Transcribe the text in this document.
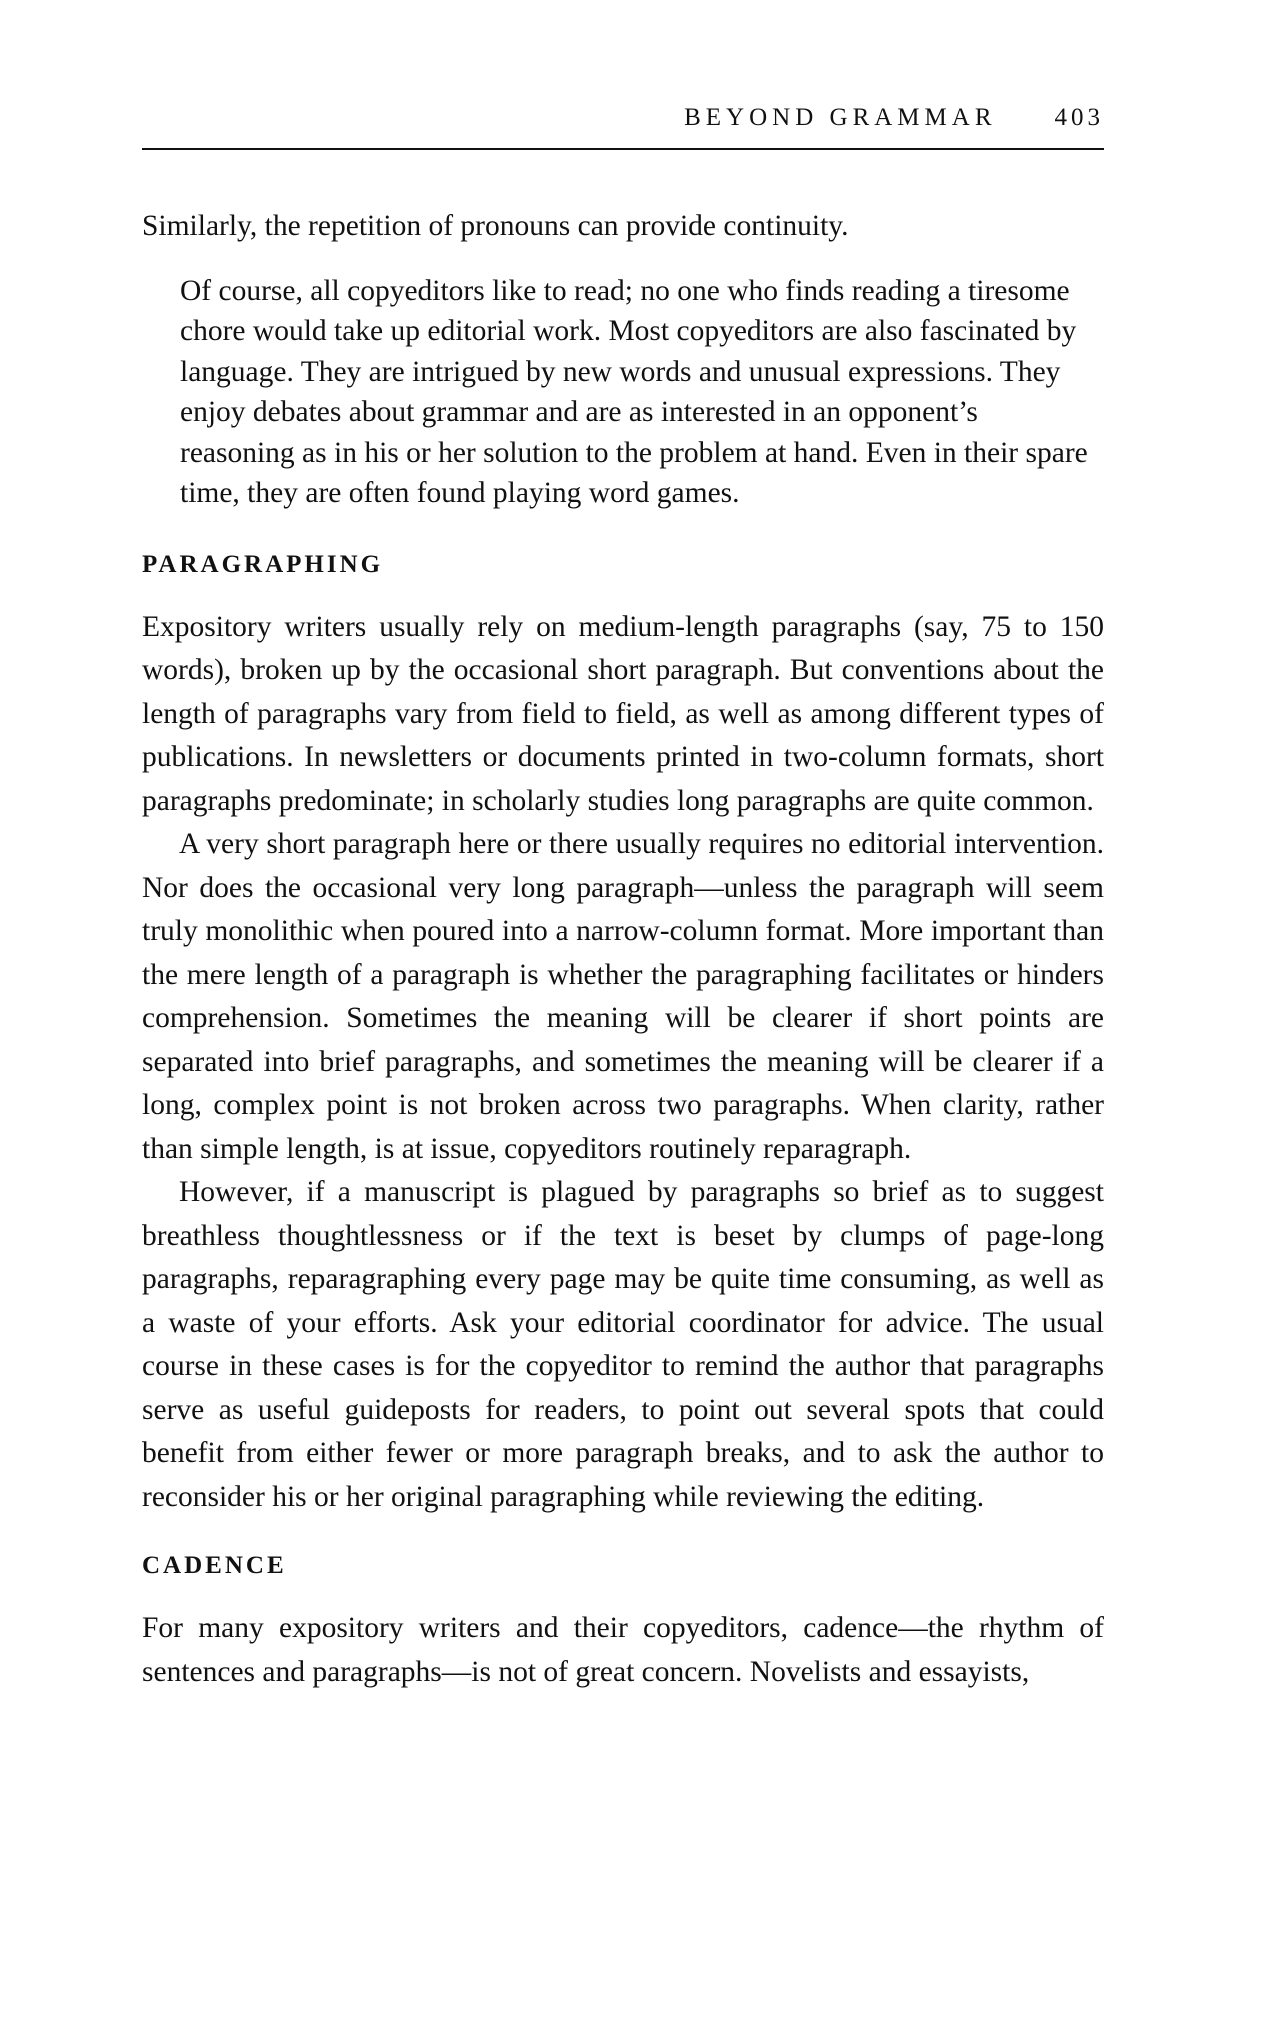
BEYOND GRAMMAR 403

Similarly, the repetition of pronouns can provide continuity.

Of course, all copyeditors like to read; no one who finds reading a tiresome chore would take up editorial work. Most copyeditors are also fascinated by language. They are intrigued by new words and unusual expressions. They enjoy debates about grammar and are as interested in an opponent’s reasoning as in his or her solution to the problem at hand. Even in their spare time, they are often found playing word games.

PARAGRAPHING

Expository writers usually rely on medium-length paragraphs (say, 75 to 150 words), broken up by the occasional short paragraph. But conventions about the length of paragraphs vary from field to field, as well as among different types of publications. In newsletters or documents printed in two-column formats, short paragraphs predominate; in scholarly studies long paragraphs are quite common.

A very short paragraph here or there usually requires no editorial intervention. Nor does the occasional very long paragraph—unless the paragraph will seem truly monolithic when poured into a narrow-column format. More important than the mere length of a paragraph is whether the paragraphing facilitates or hinders comprehension. Sometimes the meaning will be clearer if short points are separated into brief paragraphs, and sometimes the meaning will be clearer if a long, complex point is not broken across two paragraphs. When clarity, rather than simple length, is at issue, copyeditors routinely reparagraph.

However, if a manuscript is plagued by paragraphs so brief as to suggest breathless thoughtlessness or if the text is beset by clumps of page-long paragraphs, reparagraphing every page may be quite time consuming, as well as a waste of your efforts. Ask your editorial coordinator for advice. The usual course in these cases is for the copyeditor to remind the author that paragraphs serve as useful guideposts for readers, to point out several spots that could benefit from either fewer or more paragraph breaks, and to ask the author to reconsider his or her original paragraphing while reviewing the editing.

CADENCE

For many expository writers and their copyeditors, cadence—the rhythm of sentences and paragraphs—is not of great concern. Novelists and essayists,
